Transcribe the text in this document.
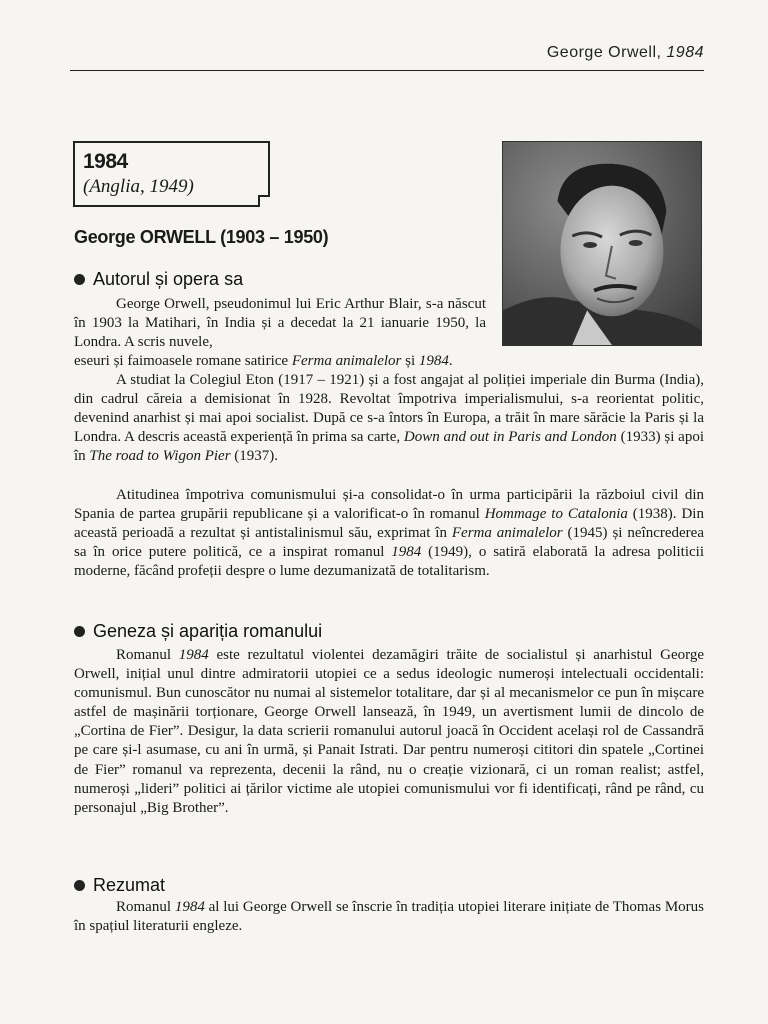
George Orwell, 1984
1984
(Anglia, 1949)
George ORWELL (1903 – 1950)
Autorul și opera sa

George Orwell, pseudonimul lui Eric Arthur Blair, s-a născut în 1903 la Matihari, în India și a decedat la 21 ianuarie 1950, la Londra. A scris nuvele,

eseuri și faimoasele romane satirice Ferma animalelor și 1984.

A studiat la Colegiul Eton (1917 – 1921) și a fost angajat al poliției imperiale din Burma (India), din cadrul căreia a demisionat în 1928. Revoltat împotriva imperialismului, s-a reorientat politic, devenind anarhist și mai apoi socialist. După ce s-a întors în Europa, a trăit în mare sărăcie la Paris și la Londra. A descris această experiență în prima sa carte, Down and out in Paris and London (1933) și apoi în The road to Wigon Pier (1937).

Atitudinea împotriva comunismului și-a consolidat-o în urma participării la războiul civil din Spania de partea grupării republicane și a valorificat-o în romanul Hommage to Catalonia (1938). Din această perioadă a rezultat și antistalinismul său, exprimat în Ferma animalelor (1945) și neîncrederea sa în orice putere politică, ce a inspirat romanul 1984 (1949), o satiră elaborată la adresa politicii moderne, făcând profeții despre o lume dezumanizată de totalitarism.

Geneza și apariția romanului

Romanul 1984 este rezultatul violentei dezamăgiri trăite de socialistul și anarhistul George Orwell, inițial unul dintre admiratorii utopiei ce a sedus ideologic numeroși intelectuali occidentali: comunismul. Bun cunoscător nu numai al sistemelor totalitare, dar și al mecanismelor ce pun în mișcare astfel de mașinării torționare, George Orwell lansează, în 1949, un avertisment lumii de dincolo de „Cortina de Fier”. Desigur, la data scrierii romanului autorul joacă în Occident același rol de Cassandră pe care și-l asumase, cu ani în urmă, și Panait Istrati. Dar pentru numeroși cititori din spatele „Cortinei de Fier” romanul va reprezenta, decenii la rând, nu o creație vizionară, ci un roman realist; astfel, numeroși „lideri” politici ai țărilor victime ale utopiei comunismului vor fi identificați, rând pe rând, cu personajul „Big Brother”.

Rezumat

Romanul 1984 al lui George Orwell se înscrie în tradiția utopiei literare inițiate de Thomas Morus în spațiul literaturii engleze.
